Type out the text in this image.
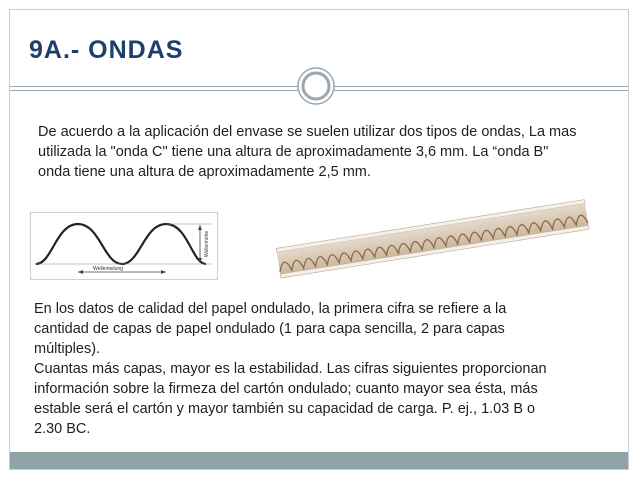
9A.- ONDAS
De acuerdo a la aplicación del envase se suelen utilizar dos tipos de ondas, La mas utilizada la "onda C" tiene una altura de aproximadamente 3,6 mm. La “onda B" onda tiene una altura de aproximadamente 2,5 mm.
Wellenteilung
Wellenhöhe
En los datos de calidad del papel ondulado, la primera cifra se refiere a la
cantidad de capas de papel ondulado (1 para capa sencilla, 2 para capas
múltiples).
Cuantas más capas, mayor es la estabilidad. Las cifras siguientes proporcionan
información sobre la firmeza del cartón ondulado; cuanto mayor sea ésta, más
estable será el cartón y mayor también su capacidad de carga. P. ej., 1.03 B o
2.30 BC.
